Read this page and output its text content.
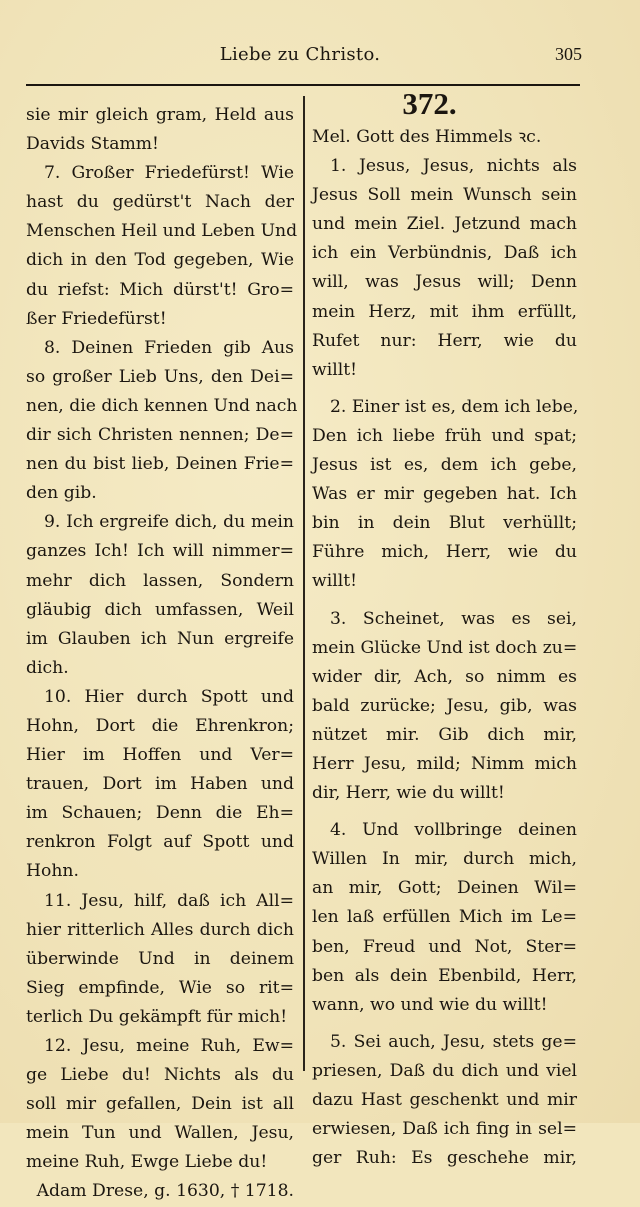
Liebe zu Christo.	305
sie mir gleich gram, Held aus
Davids Stamm!
7. Großer Friedefürst! Wie
hast du gedürst't Nach der
Menschen Heil und Leben Und
dich in den Tod gegeben, Wie
du riefst: Mich dürst't! Gro=
ßer Friedefürst!
8. Deinen Frieden gib Aus
so großer Lieb Uns, den Dei=
nen, die dich kennen Und nach
dir sich Christen nennen; De=
nen du bist lieb, Deinen Frie=
den gib.
9. Ich ergreife dich, du mein
ganzes Ich! Ich will nimmer=
mehr dich lassen, Sondern
gläubig dich umfassen, Weil
im Glauben ich Nun ergreife
dich.
10. Hier durch Spott und
Hohn, Dort die Ehrenkron;
Hier im Hoffen und Ver=
trauen, Dort im Haben und
im Schauen; Denn die Eh=
renkron Folgt auf Spott und
Hohn.
11. Jesu, hilf, daß ich All=
hier ritterlich Alles durch dich
überwinde Und in deinem
Sieg empfinde, Wie so rit=
terlich Du gekämpft für mich!
12. Jesu, meine Ruh, Ew=
ge Liebe du! Nichts als du
soll mir gefallen, Dein ist all
mein Tun und Wallen, Jesu,
meine Ruh, Ewge Liebe du!
Adam Drese, g. 1630, † 1718.
372.
Mel. Gott des Himmels ꝛc.
1. Jesus, Jesus, nichts als
Jesus Soll mein Wunsch sein
und mein Ziel. Jetzund mach
ich ein Verbündnis, Daß ich
will, was Jesus will; Denn
mein Herz, mit ihm erfüllt,
Rufet nur: Herr, wie du
willt!
2. Einer ist es, dem ich lebe,
Den ich liebe früh und spat;
Jesus ist es, dem ich gebe,
Was er mir gegeben hat. Ich
bin in dein Blut verhüllt;
Führe mich, Herr, wie du
willt!
3. Scheinet, was es sei,
mein Glücke Und ist doch zu=
wider dir, Ach, so nimm es
bald zurücke; Jesu, gib, was
nützet mir. Gib dich mir,
Herr Jesu, mild; Nimm mich
dir, Herr, wie du willt!
4. Und vollbringe deinen
Willen In mir, durch mich,
an mir, Gott; Deinen Wil=
len laß erfüllen Mich im Le=
ben, Freud und Not, Ster=
ben als dein Ebenbild, Herr,
wann, wo und wie du willt!
5. Sei auch, Jesu, stets ge=
priesen, Daß du dich und viel
dazu Hast geschenkt und mir
erwiesen, Daß ich fing in sel=
ger Ruh: Es geschehe mir,
